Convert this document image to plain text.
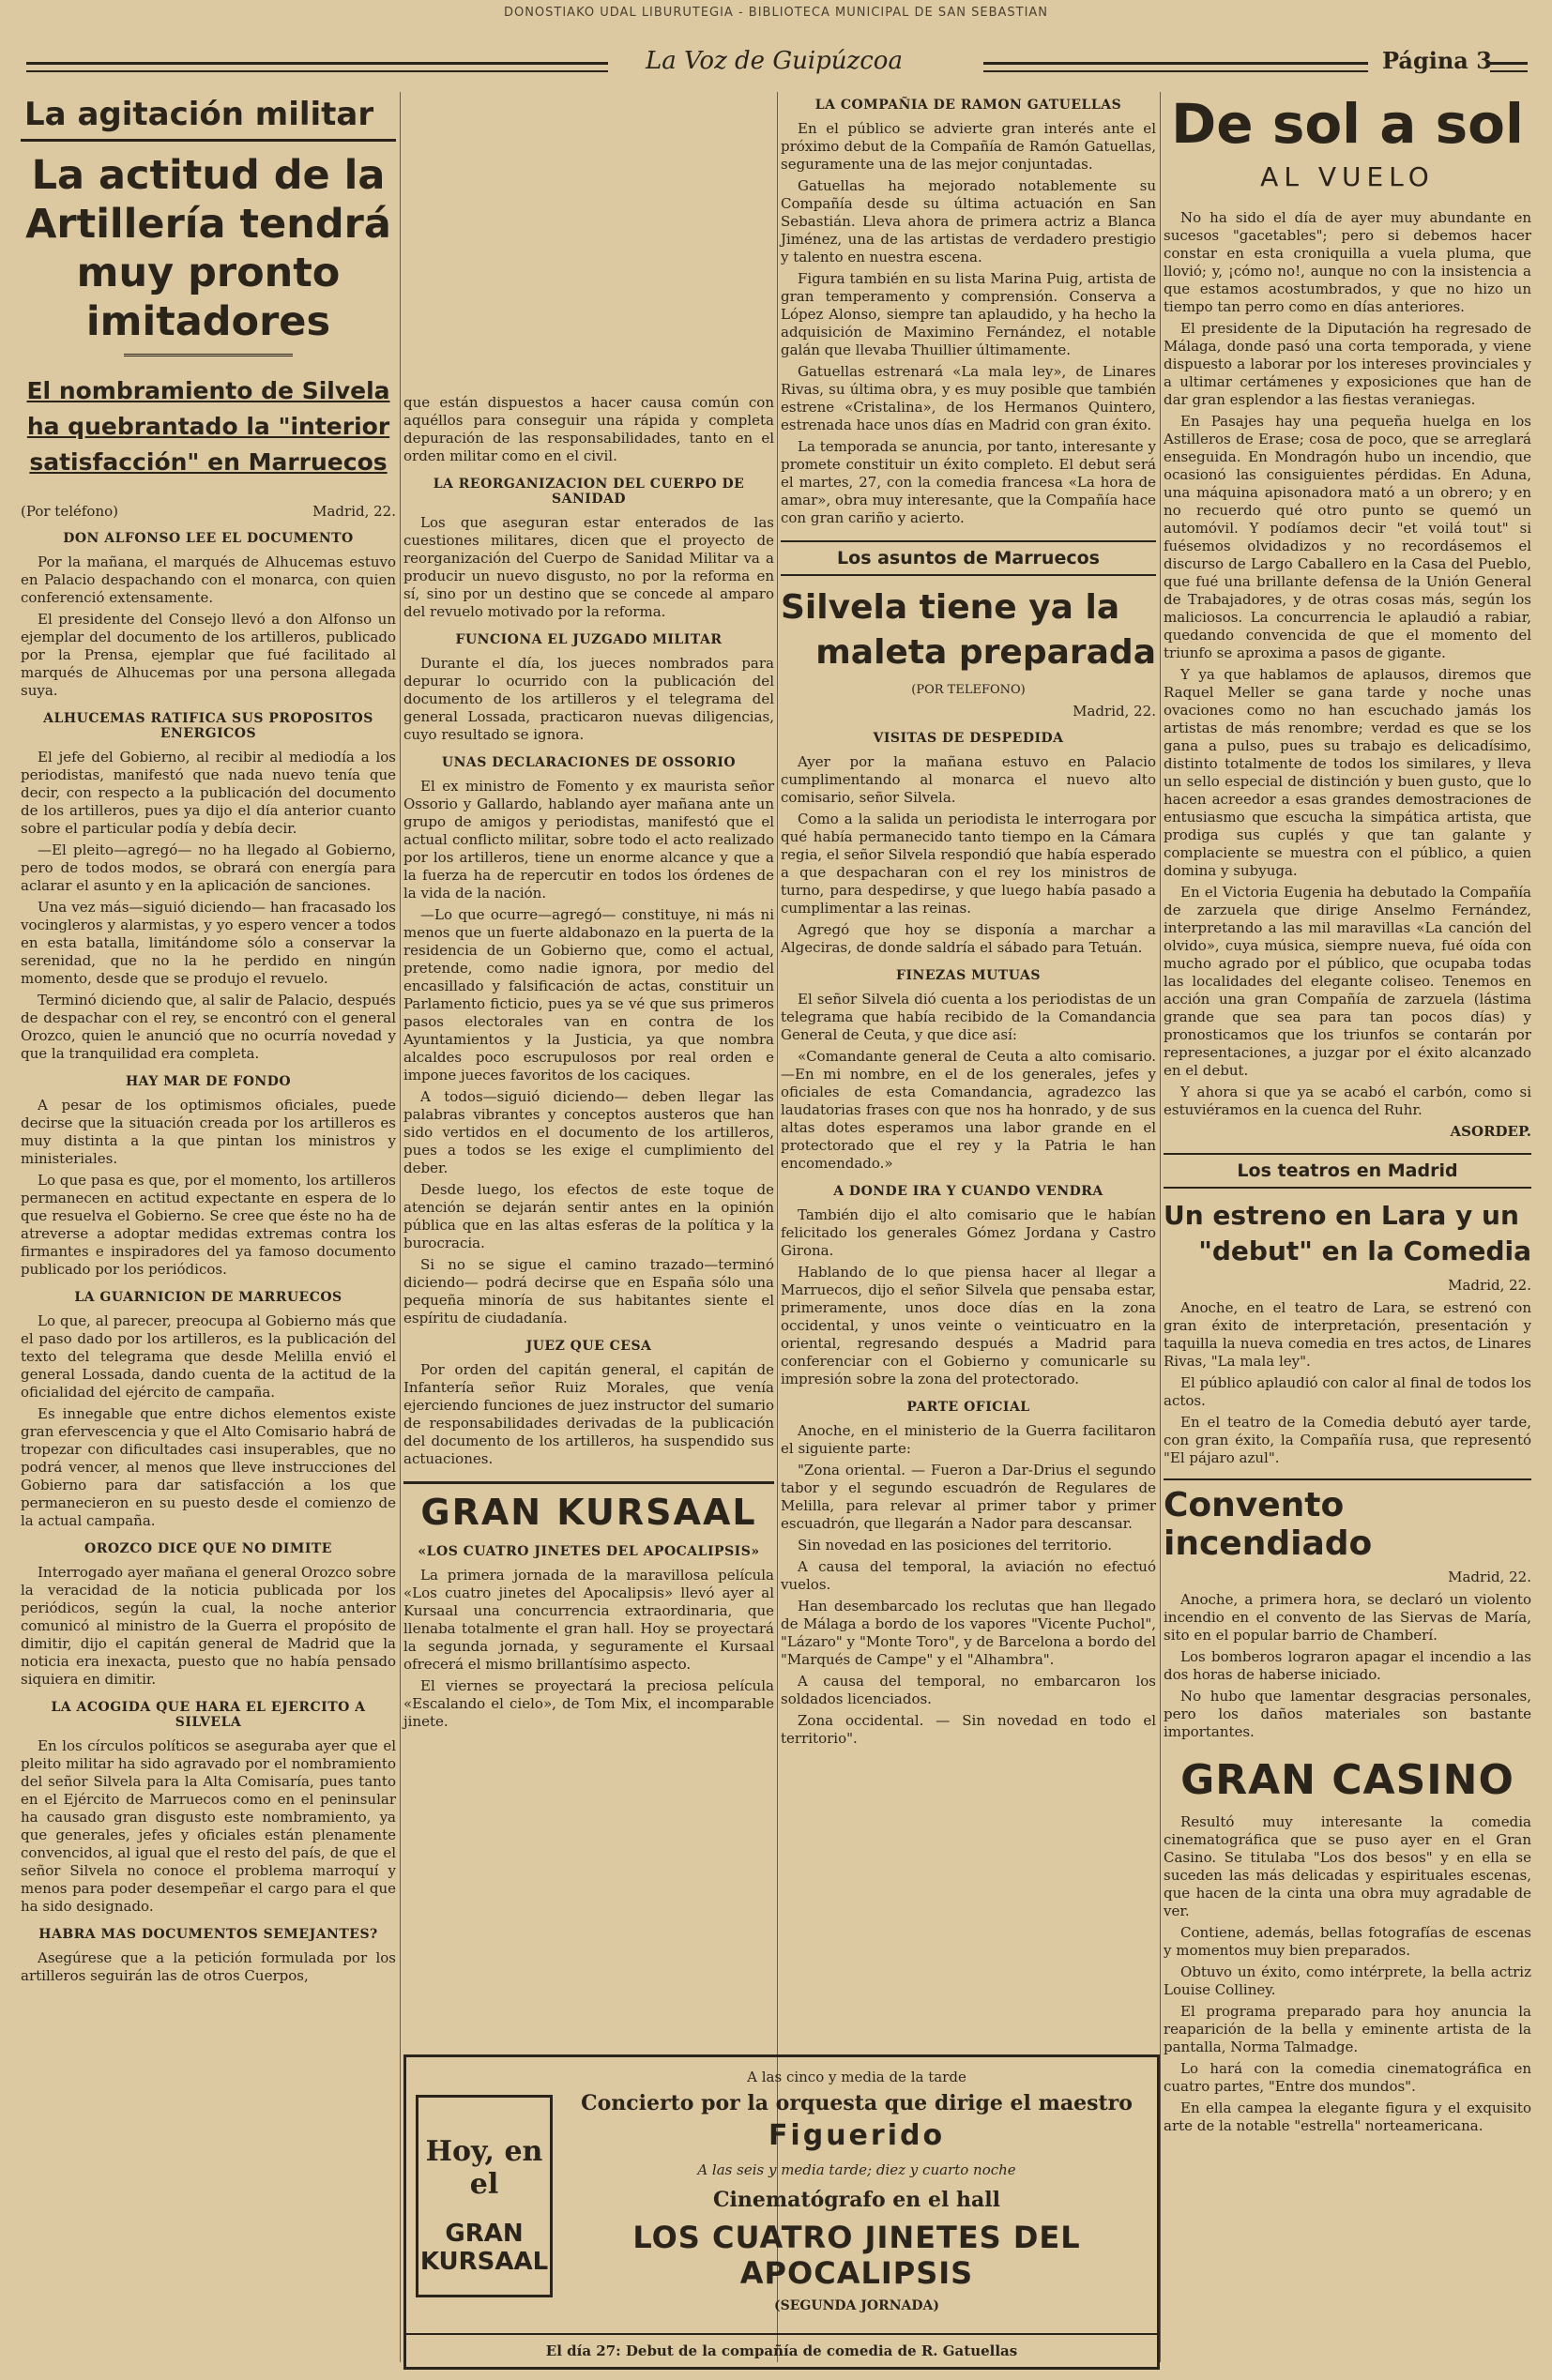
DONOSTIAKO UDAL LIBURUTEGIA - BIBLIOTECA MUNICIPAL DE SAN SEBASTIAN
La Voz de Guipúzcoa	Página 3
La agitación militar
La actitud de la Artillería tendrá muy pronto imitadores
El nombramiento de Silvela ha quebrantado la "interior satisfacción" en Marruecos
(Por teléfono)	Madrid, 22.
DON ALFONSO LEE EL DOCUMENTO

Por la mañana, el marqués de Alhucemas estuvo en Palacio despachando con el monarca, con quien conferenció extensamente.

El presidente del Consejo llevó a don Alfonso un ejemplar del documento de los artilleros, publicado por la Prensa, ejemplar que fué facilitado al marqués de Alhucemas por una persona allegada suya.

ALHUCEMAS RATIFICA SUS PROPOSITOS ENERGICOS

El jefe del Gobierno, al recibir al mediodía a los periodistas, manifestó que nada nuevo tenía que decir, con respecto a la publicación del documento de los artilleros, pues ya dijo el día anterior cuanto sobre el particular podía y debía decir.

—El pleito—agregó— no ha llegado al Gobierno, pero de todos modos, se obrará con energía para aclarar el asunto y en la aplicación de sanciones.

Una vez más—siguió diciendo— han fracasado los vocingleros y alarmistas, y yo espero vencer a todos en esta batalla, limitándome sólo a conservar la serenidad, que no la he perdido en ningún momento, desde que se produjo el revuelo.

Terminó diciendo que, al salir de Palacio, después de despachar con el rey, se encontró con el general Orozco, quien le anunció que no ocurría novedad y que la tranquilidad era completa.

HAY MAR DE FONDO

A pesar de los optimismos oficiales, puede decirse que la situación creada por los artilleros es muy distinta a la que pintan los ministros y ministeriales.

Lo que pasa es que, por el momento, los artilleros permanecen en actitud expectante en espera de lo que resuelva el Gobierno. Se cree que éste no ha de atreverse a adoptar medidas extremas contra los firmantes e inspiradores del ya famoso documento publicado por los periódicos.

LA GUARNICION DE MARRUECOS

Lo que, al parecer, preocupa al Gobierno más que el paso dado por los artilleros, es la publicación del texto del telegrama que desde Melilla envió el general Lossada, dando cuenta de la actitud de la oficialidad del ejército de campaña.

Es innegable que entre dichos elementos existe gran efervescencia y que el Alto Comisario habrá de tropezar con dificultades casi insuperables, que no podrá vencer, al menos que lleve instrucciones del Gobierno para dar satisfacción a los que permanecieron en su puesto desde el comienzo de la actual campaña.

OROZCO DICE QUE NO DIMITE

Interrogado ayer mañana el general Orozco sobre la veracidad de la noticia publicada por los periódicos, según la cual, la noche anterior comunicó al ministro de la Guerra el propósito de dimitir, dijo el capitán general de Madrid que la noticia era inexacta, puesto que no había pensado siquiera en dimitir.

LA ACOGIDA QUE HARA EL EJERCITO A SILVELA

En los círculos políticos se aseguraba ayer que el pleito militar ha sido agravado por el nombramiento del señor Silvela para la Alta Comisaría, pues tanto en el Ejército de Marruecos como en el peninsular ha causado gran disgusto este nombramiento, ya que generales, jefes y oficiales están plenamente convencidos, al igual que el resto del país, de que el señor Silvela no conoce el problema marroquí y menos para poder desempeñar el cargo para el que ha sido designado.

HABRA MAS DOCUMENTOS SEMEJANTES?

Asegúrese que a la petición formulada por los artilleros seguirán las de otros Cuerpos,

que están dispuestos a hacer causa común con aquéllos para conseguir una rápida y completa depuración de las responsabilidades, tanto en el orden militar como en el civil.

LA REORGANIZACION DEL CUERPO DE SANIDAD

Los que aseguran estar enterados de las cuestiones militares, dicen que el proyecto de reorganización del Cuerpo de Sanidad Militar va a producir un nuevo disgusto, no por la reforma en sí, sino por un destino que se concede al amparo del revuelo motivado por la reforma.

FUNCIONA EL JUZGADO MILITAR

Durante el día, los jueces nombrados para depurar lo ocurrido con la publicación del documento de los artilleros y el telegrama del general Lossada, practicaron nuevas diligencias, cuyo resultado se ignora.

UNAS DECLARACIONES DE OSSORIO

El ex ministro de Fomento y ex maurista señor Ossorio y Gallardo, hablando ayer mañana ante un grupo de amigos y periodistas, manifestó que el actual conflicto militar, sobre todo el acto realizado por los artilleros, tiene un enorme alcance y que a la fuerza ha de repercutir en todos los órdenes de la vida de la nación.

—Lo que ocurre—agregó— constituye, ni más ni menos que un fuerte aldabonazo en la puerta de la residencia de un Gobierno que, como el actual, pretende, como nadie ignora, por medio del encasillado y falsificación de actas, constituir un Parlamento ficticio, pues ya se vé que sus primeros pasos electorales van en contra de los Ayuntamientos y la Justicia, ya que nombra alcaldes poco escrupulosos por real orden e impone jueces favoritos de los caciques.

A todos—siguió diciendo— deben llegar las palabras vibrantes y conceptos austeros que han sido vertidos en el documento de los artilleros, pues a todos se les exige el cumplimiento del deber.

Desde luego, los efectos de este toque de atención se dejarán sentir antes en la opinión pública que en las altas esferas de la política y la burocracia.

Si no se sigue el camino trazado—terminó diciendo— podrá decirse que en España sólo una pequeña minoría de sus habitantes siente el espíritu de ciudadanía.

JUEZ QUE CESA

Por orden del capitán general, el capitán de Infantería señor Ruiz Morales, que venía ejerciendo funciones de juez instructor del sumario de responsabilidades derivadas de la publicación del documento de los artilleros, ha suspendido sus actuaciones.

GRAN KURSAAL
«LOS CUATRO JINETES DEL APOCALIPSIS»

La primera jornada de la maravillosa película «Los cuatro jinetes del Apocalipsis» llevó ayer al Kursaal una concurrencia extraordinaria, que llenaba totalmente el gran hall. Hoy se proyectará la segunda jornada, y seguramente el Kursaal ofrecerá el mismo brillantísimo aspecto.

El viernes se proyectará la preciosa película «Escalando el cielo», de Tom Mix, el incomparable jinete.

LA COMPAÑIA DE RAMON GATUELLAS

En el público se advierte gran interés ante el próximo debut de la Compañía de Ramón Gatuellas, seguramente una de las mejor conjuntadas.

Gatuellas ha mejorado notablemente su Compañía desde su última actuación en San Sebastián. Lleva ahora de primera actriz a Blanca Jiménez, una de las artistas de verdadero prestigio y talento en nuestra escena.

Figura también en su lista Marina Puig, artista de gran temperamento y comprensión. Conserva a López Alonso, siempre tan aplaudido, y ha hecho la adquisición de Maximino Fernández, el notable galán que llevaba Thuillier últimamente.

Gatuellas estrenará «La mala ley», de Linares Rivas, su última obra, y es muy posible que también estrene «Cristalina», de los Hermanos Quintero, estrenada hace unos días en Madrid con gran éxito.

La temporada se anuncia, por tanto, interesante y promete constituir un éxito completo. El debut será el martes, 27, con la comedia francesa «La hora de amar», obra muy interesante, que la Compañía hace con gran cariño y acierto.

Los asuntos de Marruecos
Silvela tiene ya la
maleta preparada
(POR TELEFONO)
Madrid, 22.
VISITAS DE DESPEDIDA

Ayer por la mañana estuvo en Palacio cumplimentando al monarca el nuevo alto comisario, señor Silvela.

Como a la salida un periodista le interrogara por qué había permanecido tanto tiempo en la Cámara regia, el señor Silvela respondió que había esperado a que despacharan con el rey los ministros de turno, para despedirse, y que luego había pasado a cumplimentar a las reinas.

Agregó que hoy se disponía a marchar a Algeciras, de donde saldría el sábado para Tetuán.

FINEZAS MUTUAS

El señor Silvela dió cuenta a los periodistas de un telegrama que había recibido de la Comandancia General de Ceuta, y que dice así:

«Comandante general de Ceuta a alto comisario.—En mi nombre, en el de los generales, jefes y oficiales de esta Comandancia, agradezco las laudatorias frases con que nos ha honrado, y de sus altas dotes esperamos una labor grande en el protectorado que el rey y la Patria le han encomendado.»

A DONDE IRA Y CUANDO VENDRA

También dijo el alto comisario que le habían felicitado los generales Gómez Jordana y Castro Girona.

Hablando de lo que piensa hacer al llegar a Marruecos, dijo el señor Silvela que pensaba estar, primeramente, unos doce días en la zona occidental, y unos veinte o veinticuatro en la oriental, regresando después a Madrid para conferenciar con el Gobierno y comunicarle su impresión sobre la zona del protectorado.

PARTE OFICIAL

Anoche, en el ministerio de la Guerra facilitaron el siguiente parte:

"Zona oriental. — Fueron a Dar-Drius el segundo tabor y el segundo escuadrón de Regulares de Melilla, para relevar al primer tabor y primer escuadrón, que llegarán a Nador para descansar.

Sin novedad en las posiciones del territorio.

A causa del temporal, la aviación no efectuó vuelos.

Han desembarcado los reclutas que han llegado de Málaga a bordo de los vapores "Vicente Puchol", "Lázaro" y "Monte Toro", y de Barcelona a bordo del "Marqués de Campe" y el "Alhambra".

A causa del temporal, no embarcaron los soldados licenciados.

Zona occidental. — Sin novedad en todo el territorio".

De sol a sol
AL VUELO

No ha sido el día de ayer muy abundante en sucesos "gacetables"; pero si debemos hacer constar en esta croniquilla a vuela pluma, que llovió; y, ¡cómo no!, aunque no con la insistencia a que estamos acostumbrados, y que no hizo un tiempo tan perro como en días anteriores.

El presidente de la Diputación ha regresado de Málaga, donde pasó una corta temporada, y viene dispuesto a laborar por los intereses provinciales y a ultimar certámenes y exposiciones que han de dar gran esplendor a las fiestas veraniegas.

En Pasajes hay una pequeña huelga en los Astilleros de Erase; cosa de poco, que se arreglará enseguida. En Mondragón hubo un incendio, que ocasionó las consiguientes pérdidas. En Aduna, una máquina apisonadora mató a un obrero; y en no recuerdo qué otro punto se quemó un automóvil. Y podíamos decir "et voilá tout" si fuésemos olvidadizos y no recordásemos el discurso de Largo Caballero en la Casa del Pueblo, que fué una brillante defensa de la Unión General de Trabajadores, y de otras cosas más, según los maliciosos. La concurrencia le aplaudió a rabiar, quedando convencida de que el momento del triunfo se aproxima a pasos de gigante.

Y ya que hablamos de aplausos, diremos que Raquel Meller se gana tarde y noche unas ovaciones como no han escuchado jamás los artistas de más renombre; verdad es que se los gana a pulso, pues su trabajo es delicadísimo, distinto totalmente de todos los similares, y lleva un sello especial de distinción y buen gusto, que lo hacen acreedor a esas grandes demostraciones de entusiasmo que escucha la simpática artista, que prodiga sus cuplés y que tan galante y complaciente se muestra con el público, a quien domina y subyuga.

En el Victoria Eugenia ha debutado la Compañía de zarzuela que dirige Anselmo Fernández, interpretando a las mil maravillas «La canción del olvido», cuya música, siempre nueva, fué oída con mucho agrado por el público, que ocupaba todas las localidades del elegante coliseo. Tenemos en acción una gran Compañía de zarzuela (lástima grande que sea para tan pocos días) y pronosticamos que los triunfos se contarán por representaciones, a juzgar por el éxito alcanzado en el debut.

Y ahora si que ya se acabó el carbón, como si estuviéramos en la cuenca del Ruhr.

ASORDEP.
Los teatros en Madrid
Un estreno en Lara y un
"debut" en la Comedia
Madrid, 22.

Anoche, en el teatro de Lara, se estrenó con gran éxito de interpretación, presentación y taquilla la nueva comedia en tres actos, de Linares Rivas, "La mala ley".

El público aplaudió con calor al final de todos los actos.

En el teatro de la Comedia debutó ayer tarde, con gran éxito, la Compañía rusa, que representó "El pájaro azul".

Convento incendiado
Madrid, 22.

Anoche, a primera hora, se declaró un violento incendio en el convento de las Siervas de María, sito en el popular barrio de Chamberí.

Los bomberos lograron apagar el incendio a las dos horas de haberse iniciado.

No hubo que lamentar desgracias personales, pero los daños materiales son bastante importantes.

GRAN CASINO

Resultó muy interesante la comedia cinematográfica que se puso ayer en el Gran Casino. Se titulaba "Los dos besos" y en ella se suceden las más delicadas y espirituales escenas, que hacen de la cinta una obra muy agradable de ver.

Contiene, además, bellas fotografías de escenas y momentos muy bien preparados.

Obtuvo un éxito, como intérprete, la bella actriz Louise Colliney.

El programa preparado para hoy anuncia la reaparición de la bella y eminente artista de la pantalla, Norma Talmadge.

Lo hará con la comedia cinematográfica en cuatro partes, "Entre dos mundos".

En ella campea la elegante figura y el exquisito arte de la notable "estrella" norteamericana.

Hoy, en el
GRAN KURSAAL
A las cinco y media de la tarde
Concierto por la orquesta que dirige el maestro
Figuerido
A las seis y media tarde; diez y cuarto noche
Cinematógrafo en el hall
LOS CUATRO JINETES DEL APOCALIPSIS
(SEGUNDA JORNADA)
El día 27: Debut de la compañía de comedia de R. Gatuellas
